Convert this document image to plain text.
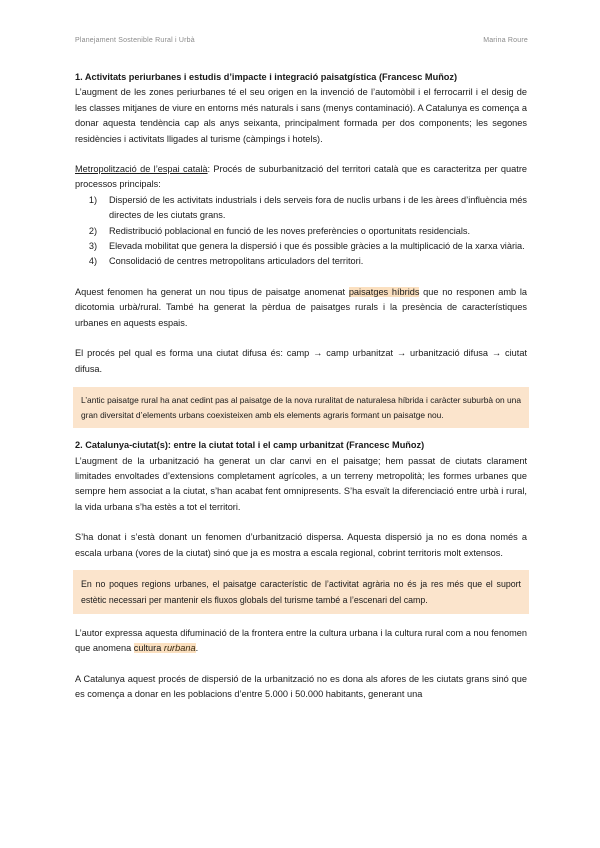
Planejament Sostenible Rural i Urbà	Marina Roure
1. Activitats periurbanes i estudis d’impacte i integració paisatgística (Francesc Muñoz)

L’augment de les zones periurbanes té el seu origen en la invenció de l’automòbil i el ferrocarril i el desig de les classes mitjanes de viure en entorns més naturals i sans (menys contaminació). A Catalunya es comença a donar aquesta tendència cap als anys seixanta, principalment formada per dos components; les segones residències i activitats lligades al turisme (càmpings i hotels).

Metropolització de l’espai català: Procés de suburbanització del territori català que es caracteritza per quatre processos principals:

1)	Dispersió de les activitats industrials i dels serveis fora de nuclis urbans i de les àrees d’influència més directes de les ciutats grans.
2)	Redistribució poblacional en funció de les noves preferències o oportunitats residencials.
3)	Elevada mobilitat que genera la dispersió i que és possible gràcies a la multiplicació de la xarxa viària.
4)	Consolidació de centres metropolitans articuladors del territori.

Aquest fenomen ha generat un nou tipus de paisatge anomenat paisatges híbrids que no responen amb la dicotomia urbà/rural. També ha generat la pèrdua de paisatges rurals i la presència de característiques urbanes en aquests espais.

El procés pel qual es forma una ciutat difusa és: camp → camp urbanitzat → urbanització difusa → ciutat difusa.

L’antic paisatge rural ha anat cedint pas al paisatge de la nova ruralitat de naturalesa híbrida i caràcter suburbà on una gran diversitat d’elements urbans coexisteixen amb els elements agraris formant un paisatge nou.

2. Catalunya-ciutat(s): entre la ciutat total i el camp urbanitzat (Francesc Muñoz)

L’augment de la urbanització ha generat un clar canvi en el paisatge; hem passat de ciutats clarament limitades envoltades d’extensions completament agrícoles, a un terreny metropolità; les formes urbanes que sempre hem associat a la ciutat, s’han acabat fent omnipresents. S’ha esvaït la diferenciació entre urbà i rural, la vida urbana s’ha estès a tot el territori.

S’ha donat i s’està donant un fenomen d’urbanització dispersa. Aquesta dispersió ja no es dona només a escala urbana (vores de la ciutat) sinó que ja es mostra a escala regional, cobrint territoris molt extensos.

En no poques regions urbanes, el paisatge característic de l’activitat agrària no és ja res més que el suport estètic necessari per mantenir els fluxos globals del turisme també a l’escenari del camp.

L’autor expressa aquesta difuminació de la frontera entre la cultura urbana i la cultura rural com a nou fenomen que anomena cultura rurbana.

A Catalunya aquest procés de dispersió de la urbanització no es dona als afores de les ciutats grans sinó que es comença a donar en les poblacions d’entre 5.000 i 50.000 habitants, generant una
